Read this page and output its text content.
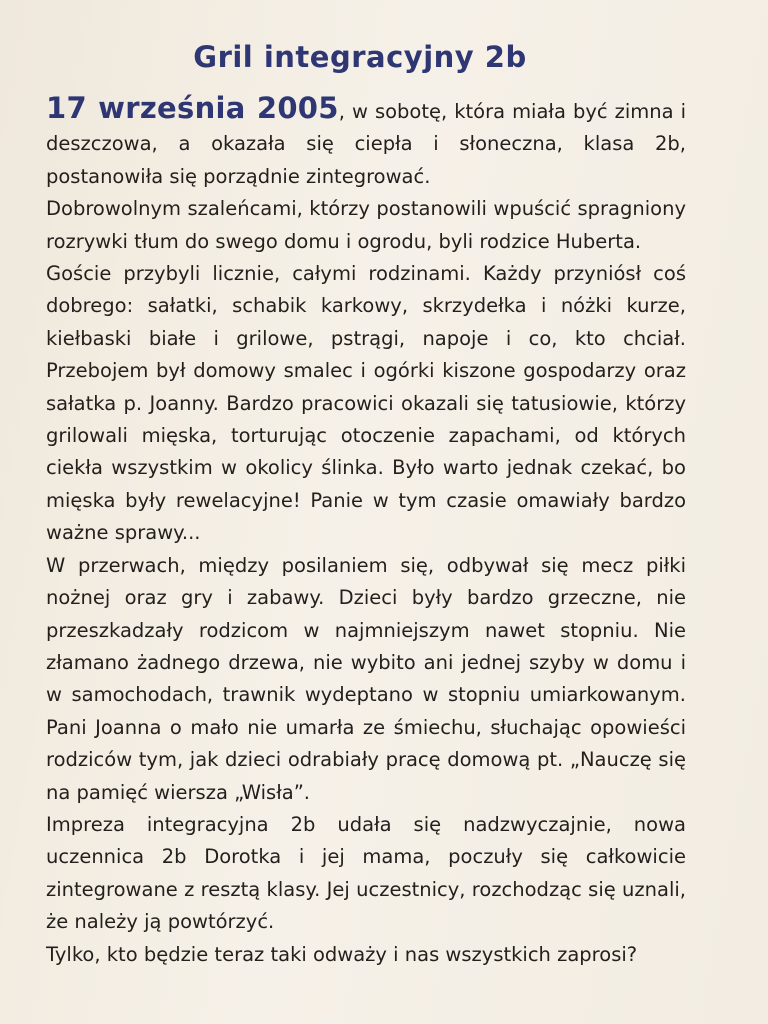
Gril integracyjny 2b

17 września 2005, w sobotę, która miała być zimna i deszczowa, a okazała się ciepła i słoneczna, klasa 2b, postanowiła się porządnie zintegrować.

Dobrowolnym szaleńcami, którzy postanowili wpuścić spragniony rozrywki tłum do swego domu i ogrodu, byli rodzice Huberta.

Goście przybyli licznie, całymi rodzinami. Każdy przyniósł coś dobrego: sałatki, schabik karkowy, skrzydełka i nóżki kurze, kiełbaski białe i grilowe, pstrągi, napoje i co, kto chciał. Przebojem był domowy smalec i ogórki kiszone gospodarzy oraz sałatka p. Joanny. Bardzo pracowici okazali się tatusiowie, którzy grilowali mięska, torturując otoczenie zapachami, od których ciekła wszystkim w okolicy ślinka. Było warto jednak czekać, bo mięska były rewelacyjne! Panie w tym czasie omawiały bardzo ważne sprawy...

W przerwach, między posilaniem się, odbywał się mecz piłki nożnej oraz gry i zabawy. Dzieci były bardzo grzeczne, nie przeszkadzały rodzicom w najmniejszym nawet stopniu. Nie złamano żadnego drzewa, nie wybito ani jednej szyby w domu i w samochodach, trawnik wydeptano w stopniu umiarkowanym. Pani Joanna o mało nie umarła ze śmiechu, słuchając opowieści rodziców tym, jak dzieci odrabiały pracę domową pt. „Nauczę się na pamięć wiersza „Wisła”.

Impreza integracyjna 2b udała się nadzwyczajnie, nowa uczennica 2b Dorotka i jej mama, poczuły się całkowicie zintegrowane z resztą klasy. Jej uczestnicy, rozchodząc się uznali, że należy ją powtórzyć.

Tylko, kto będzie teraz taki odważy i nas wszystkich zaprosi?
